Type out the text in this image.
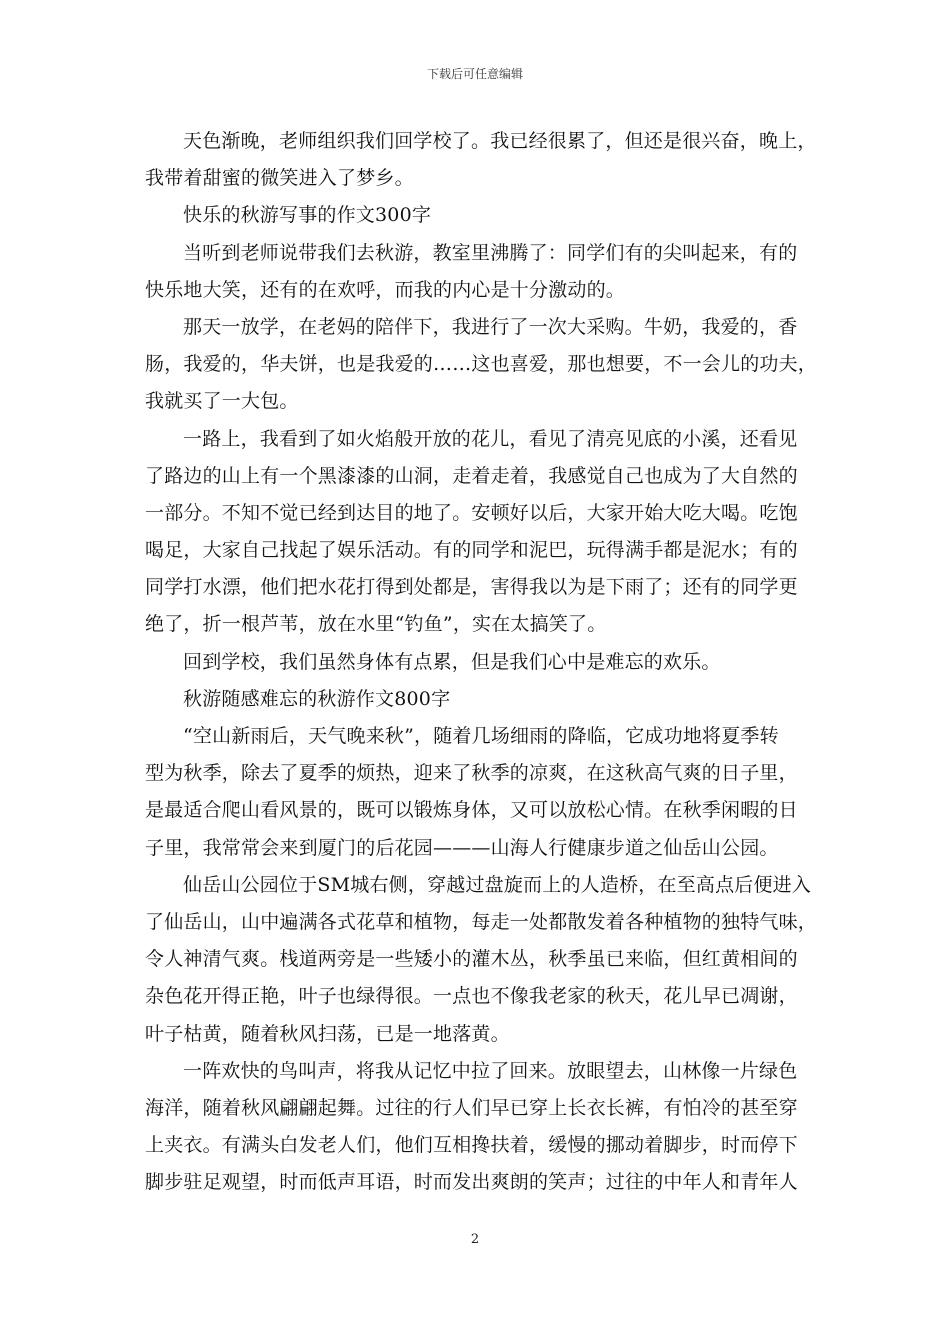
下载后可任意编辑
天色渐晚，老师组织我们回学校了。我已经很累了，但还是很兴奋，晚上，
我带着甜蜜的微笑进入了梦乡。
快乐的秋游写事的作文300字
当听到老师说带我们去秋游，教室里沸腾了：同学们有的尖叫起来，有的
快乐地大笑，还有的在欢呼，而我的内心是十分激动的。
那天一放学，在老妈的陪伴下，我进行了一次大采购。牛奶，我爱的，香
肠，我爱的，华夫饼，也是我爱的……这也喜爱，那也想要，不一会儿的功夫，
我就买了一大包。
一路上，我看到了如火焰般开放的花儿，看见了清亮见底的小溪，还看见
了路边的山上有一个黑漆漆的山洞，走着走着，我感觉自己也成为了大自然的
一部分。不知不觉已经到达目的地了。安顿好以后，大家开始大吃大喝。吃饱
喝足，大家自己找起了娱乐活动。有的同学和泥巴，玩得满手都是泥水；有的
同学打水漂，他们把水花打得到处都是，害得我以为是下雨了；还有的同学更
绝了，折一根芦苇，放在水里“钓鱼”，实在太搞笑了。
回到学校，我们虽然身体有点累，但是我们心中是难忘的欢乐。
秋游随感难忘的秋游作文800字
“空山新雨后，天气晚来秋”，随着几场细雨的降临，它成功地将夏季转
型为秋季，除去了夏季的烦热，迎来了秋季的凉爽，在这秋高气爽的日子里，
是最适合爬山看风景的，既可以锻炼身体，又可以放松心情。在秋季闲暇的日
子里，我常常会来到厦门的后花园———山海人行健康步道之仙岳山公园。
仙岳山公园位于SM城右侧，穿越过盘旋而上的人造桥，在至高点后便进入
了仙岳山，山中遍满各式花草和植物，每走一处都散发着各种植物的独特气味，
令人神清气爽。栈道两旁是一些矮小的灌木丛，秋季虽已来临，但红黄相间的
杂色花开得正艳，叶子也绿得很。一点也不像我老家的秋天，花儿早已凋谢，
叶子枯黄，随着秋风扫荡，已是一地落黄。
一阵欢快的鸟叫声，将我从记忆中拉了回来。放眼望去，山林像一片绿色
海洋，随着秋风翩翩起舞。过往的行人们早已穿上长衣长裤，有怕冷的甚至穿
上夹衣。有满头白发老人们，他们互相搀扶着，缓慢的挪动着脚步，时而停下
脚步驻足观望，时而低声耳语，时而发出爽朗的笑声；过往的中年人和青年人
2
